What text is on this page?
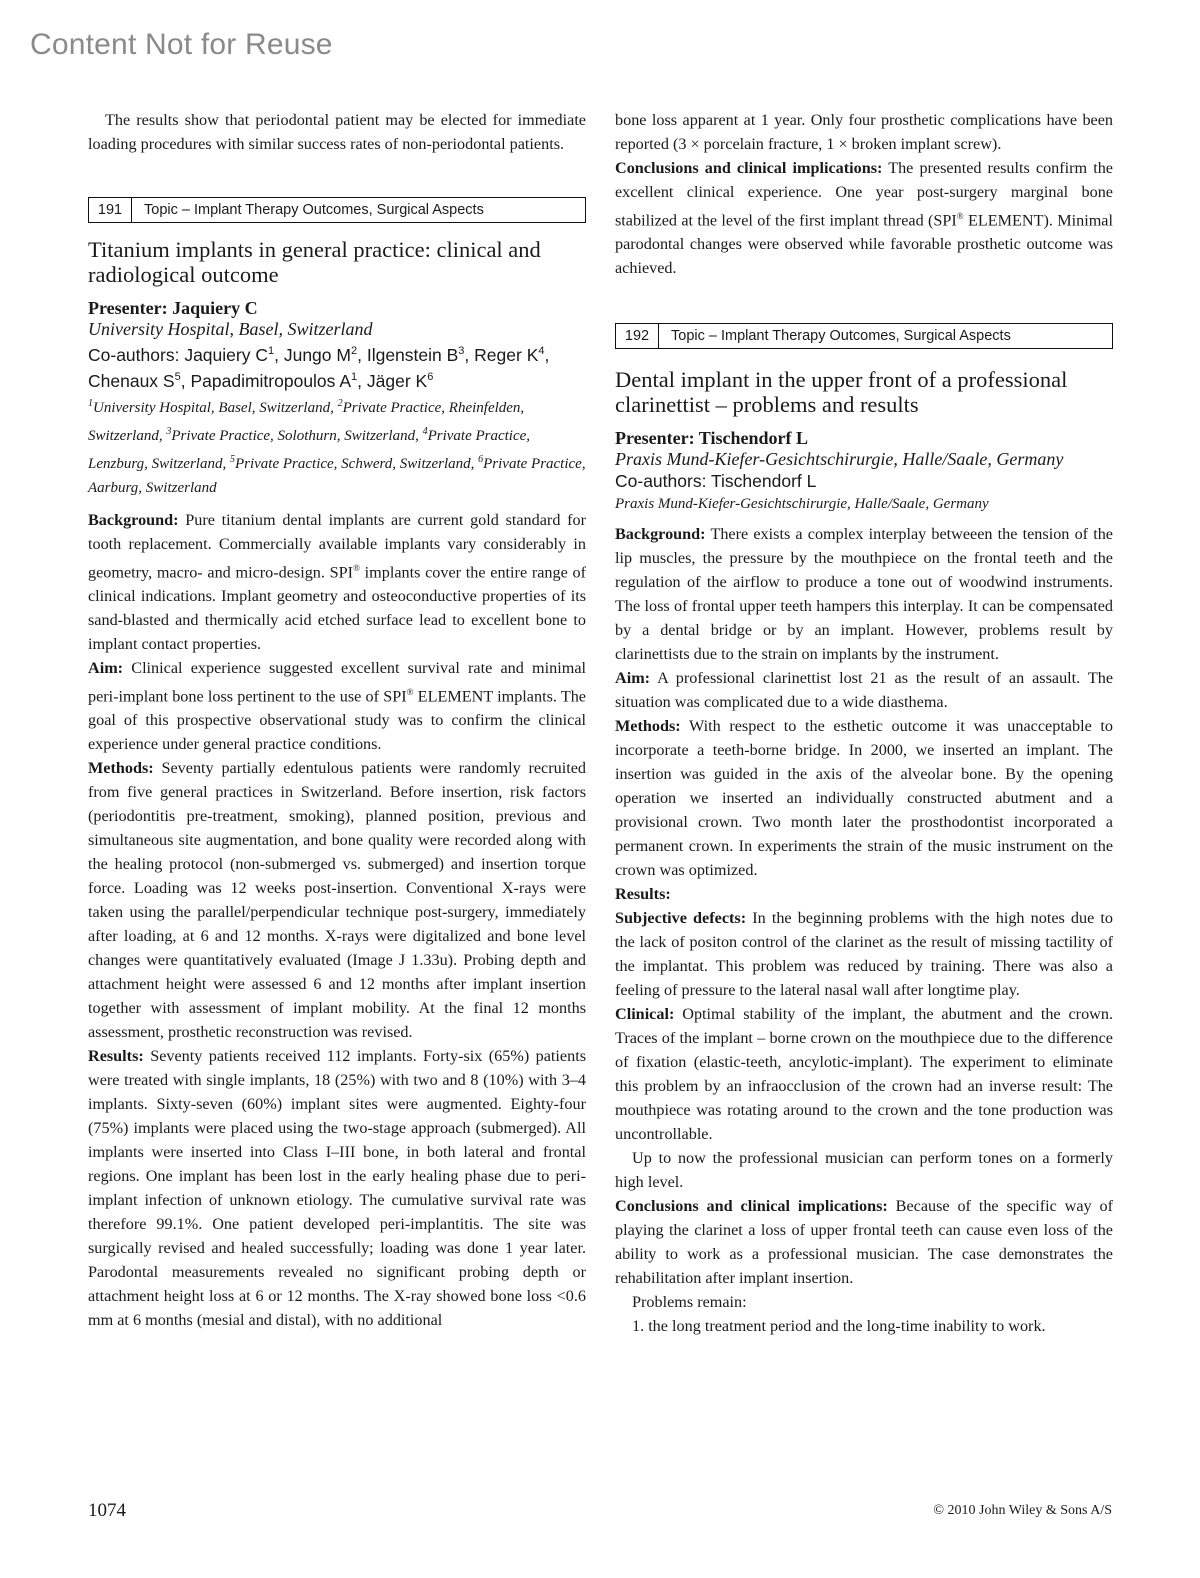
Content Not for Reuse

The results show that periodontal patient may be elected for immediate loading procedures with similar success rates of non-periodontal patients.

191	Topic – Implant Therapy Outcomes, Surgical Aspects
Titanium implants in general practice: clinical and radiological outcome
Presenter: Jaquiery C
University Hospital, Basel, Switzerland
Co-authors: Jaquiery $C^1$, Jungo $M^2$, Ilgenstein $B^3$, Reger $K^4$, Chenaux $S^5$, Papadimitropoulos $A^1$, Jäger $K^6$
$^1$University Hospital, Basel, Switzerland, $^2$Private Practice, Rheinfelden, Switzerland, $^3$Private Practice, Solothurn, Switzerland, $^4$Private Practice, Lenzburg, Switzerland, $^5$Private Practice, Schwerd, Switzerland, $^6$Private Practice, Aarburg, Switzerland

Background: Pure titanium dental implants are current gold standard for tooth replacement. Commercially available implants vary considerably in geometry, macro- and micro-design. SPI® implants cover the entire range of clinical indications. Implant geometry and osteoconductive properties of its sand-blasted and thermically acid etched surface lead to excellent bone to implant contact properties.

Aim: Clinical experience suggested excellent survival rate and minimal peri-implant bone loss pertinent to the use of SPI® ELEMENT implants. The goal of this prospective observational study was to confirm the clinical experience under general practice conditions.

Methods: Seventy partially edentulous patients were randomly recruited from five general practices in Switzerland. Before insertion, risk factors (periodontitis pre-treatment, smoking), planned position, previous and simultaneous site augmentation, and bone quality were recorded along with the healing protocol (non-submerged vs. submerged) and insertion torque force. Loading was 12 weeks post-insertion. Conventional X-rays were taken using the parallel/perpendicular technique post-surgery, immediately after loading, at 6 and 12 months. X-rays were digitalized and bone level changes were quantitatively evaluated (Image J 1.33u). Probing depth and attachment height were assessed 6 and 12 months after implant insertion together with assessment of implant mobility. At the final 12 months assessment, prosthetic reconstruction was revised.

Results: Seventy patients received 112 implants. Forty-six (65%) patients were treated with single implants, 18 (25%) with two and 8 (10%) with 3–4 implants. Sixty-seven (60%) implant sites were augmented. Eighty-four (75%) implants were placed using the two-stage approach (submerged). All implants were inserted into Class I–III bone, in both lateral and frontal regions. One implant has been lost in the early healing phase due to peri-implant infection of unknown etiology. The cumulative survival rate was therefore 99.1%. One patient developed peri-implantitis. The site was surgically revised and healed successfully; loading was done 1 year later. Parodontal measurements revealed no significant probing depth or attachment height loss at 6 or 12 months. The X-ray showed bone loss <0.6 mm at 6 months (mesial and distal), with no additional

bone loss apparent at 1 year. Only four prosthetic complications have been reported (3 × porcelain fracture, 1 × broken implant screw).

Conclusions and clinical implications: The presented results confirm the excellent clinical experience. One year post-surgery marginal bone stabilized at the level of the first implant thread (SPI® ELEMENT). Minimal parodontal changes were observed while favorable prosthetic outcome was achieved.

192	Topic – Implant Therapy Outcomes, Surgical Aspects
Dental implant in the upper front of a professional clarinettist – problems and results
Presenter: Tischendorf L
Praxis Mund-Kiefer-Gesichtschirurgie, Halle/Saale, Germany
Co-authors: Tischendorf L
Praxis Mund-Kiefer-Gesichtschirurgie, Halle/Saale, Germany

Background: There exists a complex interplay betweeen the tension of the lip muscles, the pressure by the mouthpiece on the frontal teeth and the regulation of the airflow to produce a tone out of woodwind instruments. The loss of frontal upper teeth hampers this interplay. It can be compensated by a dental bridge or by an implant. However, problems result by clarinettists due to the strain on implants by the instrument.

Aim: A professional clarinettist lost 21 as the result of an assault. The situation was complicated due to a wide diasthema.

Methods: With respect to the esthetic outcome it was unacceptable to incorporate a teeth-borne bridge. In 2000, we inserted an implant. The insertion was guided in the axis of the alveolar bone. By the opening operation we inserted an individually constructed abutment and a provisional crown. Two month later the prosthodontist incorporated a permanent crown. In experiments the strain of the music instrument on the crown was optimized.

Results:

Subjective defects: In the beginning problems with the high notes due to the lack of positon control of the clarinet as the result of missing tactility of the implantat. This problem was reduced by training. There was also a feeling of pressure to the lateral nasal wall after longtime play.

Clinical: Optimal stability of the implant, the abutment and the crown. Traces of the implant – borne crown on the mouthpiece due to the difference of fixation (elastic-teeth, ancylotic-implant). The experiment to eliminate this problem by an infraocclusion of the crown had an inverse result: The mouthpiece was rotating around to the crown and the tone production was uncontrollable.

Up to now the professional musician can perform tones on a formerly high level.

Conclusions and clinical implications: Because of the specific way of playing the clarinet a loss of upper frontal teeth can cause even loss of the ability to work as a professional musician. The case demonstrates the rehabilitation after implant insertion.

Problems remain:

1. the long treatment period and the long-time inability to work.

1074	© 2010 John Wiley & Sons A/S
